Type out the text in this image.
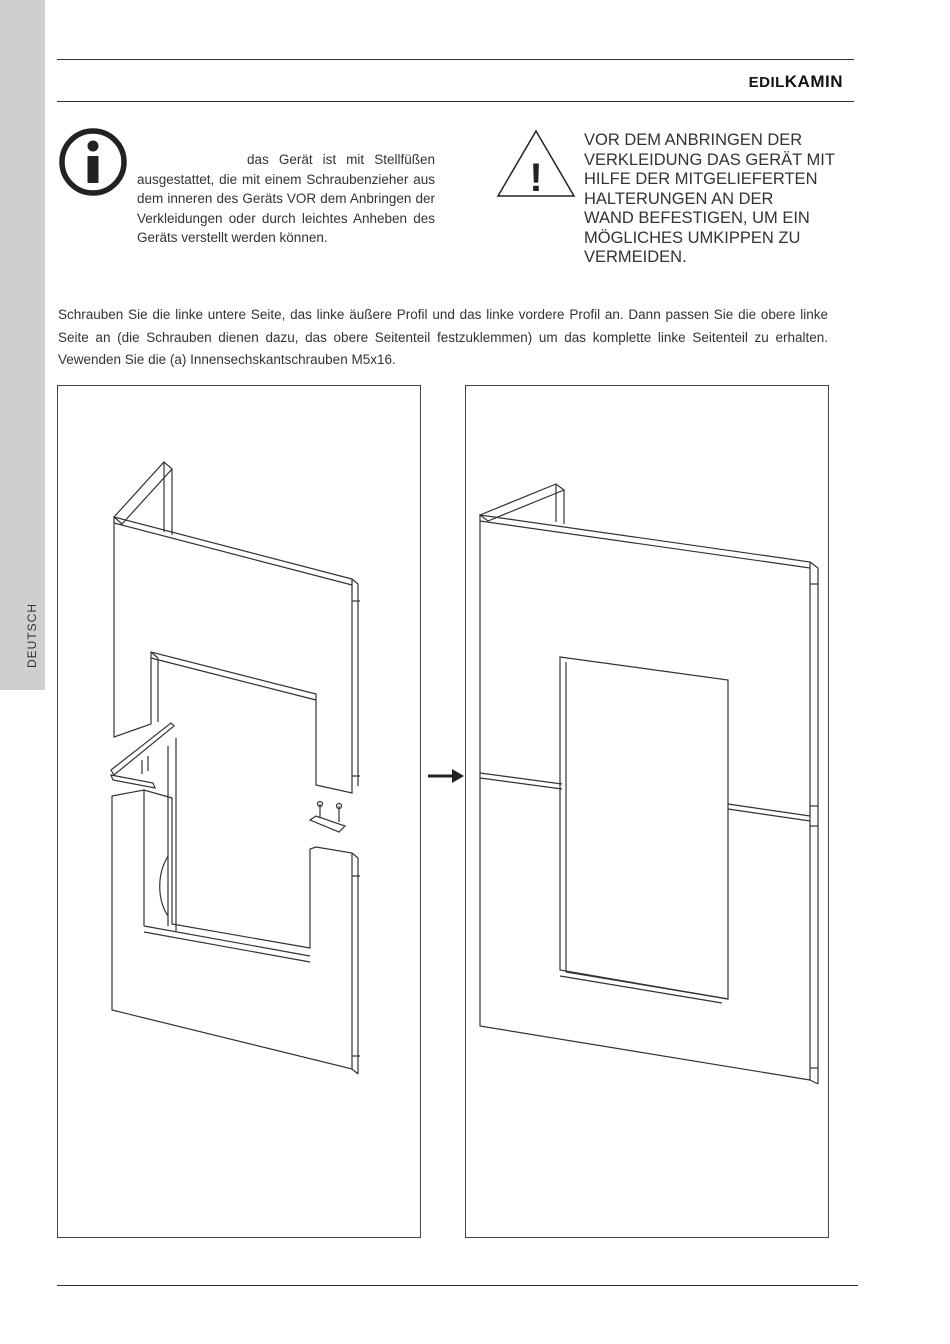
DEUTSCH
EDILKAMIN
das Gerät ist mit Stellfüßen ausgestattet, die mit einem Schraubenzieher aus dem inneren des Geräts VOR dem Anbringen der Verkleidungen oder durch leichtes Anheben des Geräts verstellt werden können.
!
VOR DEM ANBRINGEN DER
VERKLEIDUNG DAS GERÄT MIT
HILFE DER MITGELIEFERTEN
HALTERUNGEN AN DER
WAND BEFESTIGEN, UM EIN
MÖGLICHES UMKIPPEN ZU
VERMEIDEN.
Schrauben Sie die linke untere Seite, das linke äußere Profil und das linke vordere Profil an. Dann passen Sie die obere linke Seite an (die Schrauben dienen dazu, das obere Seitenteil festzuklemmen) um das komplette linke Seitenteil zu erhalten. Vewenden Sie die (a) Innensechskantschrauben M5x16.
